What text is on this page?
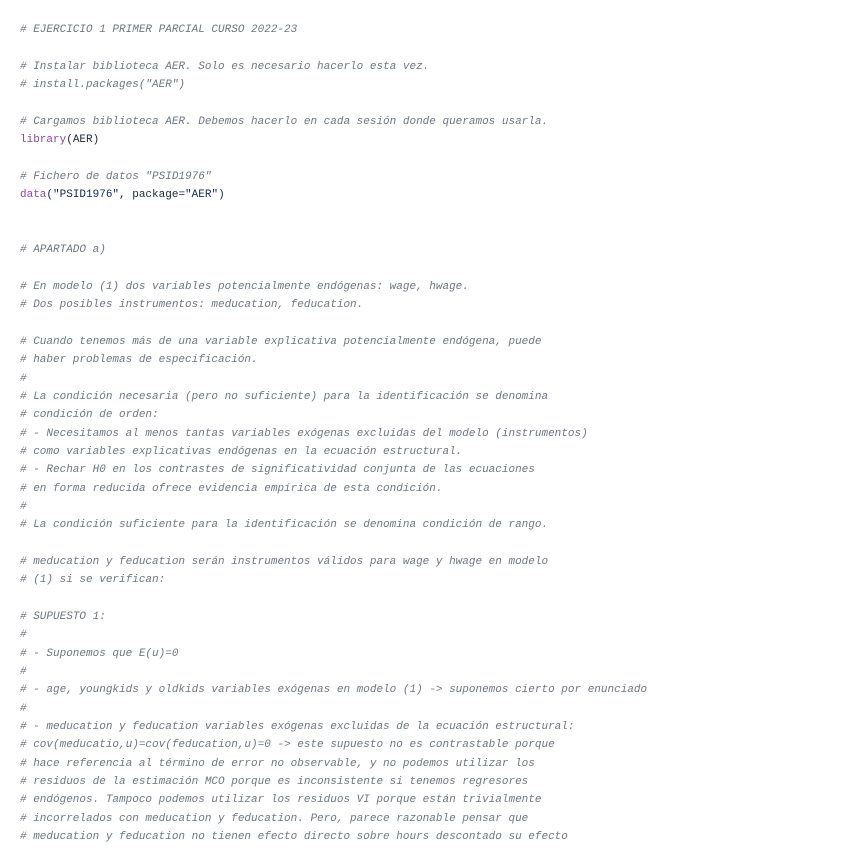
# EJERCICIO 1 PRIMER PARCIAL CURSO 2022-23
# Instalar biblioteca AER. Solo es necesario hacerlo esta vez.
# install.packages("AER")
# Cargamos biblioteca AER. Debemos hacerlo en cada sesión donde queramos usarla.
library(AER)
# Fichero de datos "PSID1976"
data("PSID1976", package="AER")
# APARTADO a)
# En modelo (1) dos variables potencialmente endógenas: wage, hwage.
# Dos posibles instrumentos: meducation, feducation.
# Cuando tenemos más de una variable explicativa potencialmente endógena, puede
# haber problemas de especificación.
#
# La condición necesaria (pero no suficiente) para la identificación se denomina
# condición de orden:
# - Necesitamos al menos tantas variables exógenas excluidas del modelo (instrumentos)
# como variables explicativas endógenas en la ecuación estructural.
# - Rechar H0 en los contrastes de significatividad conjunta de las ecuaciones
# en forma reducida ofrece evidencia empírica de esta condición.
#
# La condición suficiente para la identificación se denomina condición de rango.
# meducation y feducation serán instrumentos válidos para wage y hwage en modelo
# (1) si se verifican:
# SUPUESTO 1:
#
# - Suponemos que E(u)=0
#
# - age, youngkids y oldkids variables exógenas en modelo (1) -> suponemos cierto por enunciado
#
# - meducation y feducation variables exógenas excluidas de la ecuación estructural:
# cov(meducatio,u)=cov(feducation,u)=0 -> este supuesto no es contrastable porque
# hace referencia al término de error no observable, y no podemos utilizar los
# residuos de la estimación MCO porque es inconsistente si tenemos regresores
# endógenos. Tampoco podemos utilizar los residuos VI porque están trivialmente
# incorrelados con meducation y feducation. Pero, parece razonable pensar que
# meducation y feducation no tienen efecto directo sobre hours descontado su efecto
